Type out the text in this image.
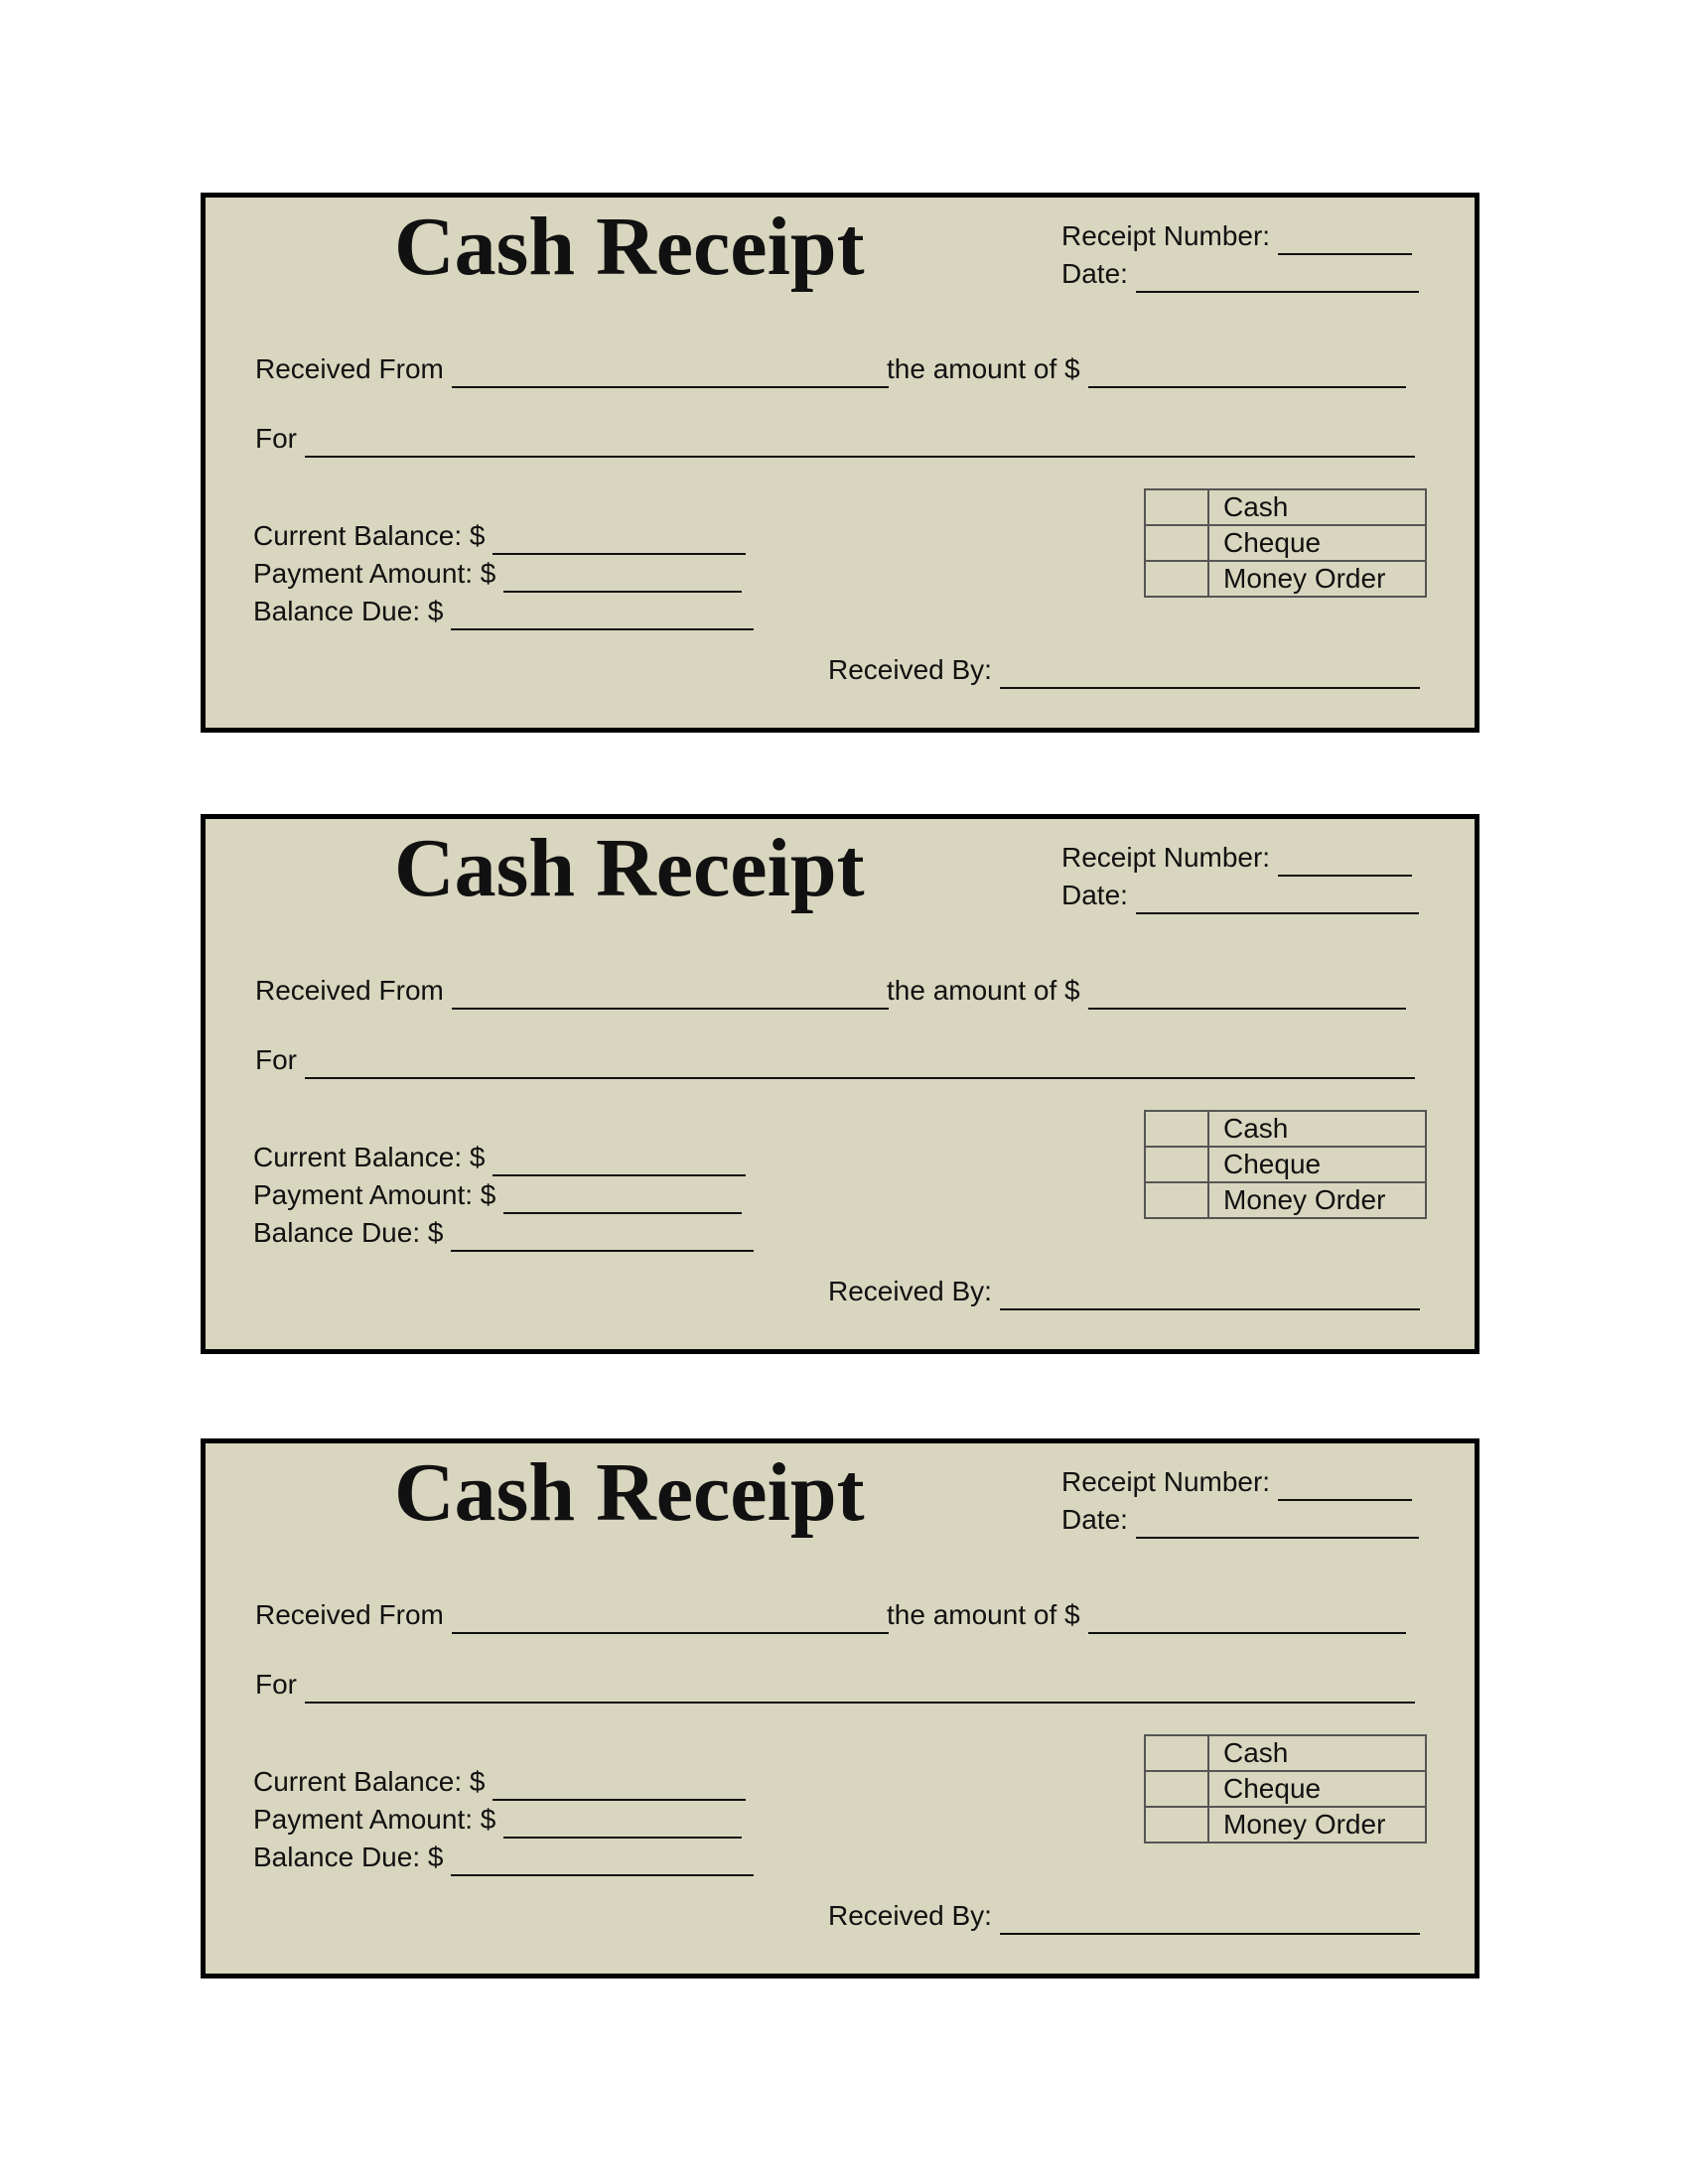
Cash Receipt	Receipt Number:
Date:
Received From	the amount of $
For
Current Balance: $
Payment Amount: $
Balance Due: $
	Cash
	Cheque
	Money Order
Received By:
Cash Receipt	Receipt Number:
Date:
Received From	the amount of $
For
Current Balance: $
Payment Amount: $
Balance Due: $
	Cash
	Cheque
	Money Order
Received By:
Cash Receipt	Receipt Number:
Date:
Received From	the amount of $
For
Current Balance: $
Payment Amount: $
Balance Due: $
	Cash
	Cheque
	Money Order
Received By:
